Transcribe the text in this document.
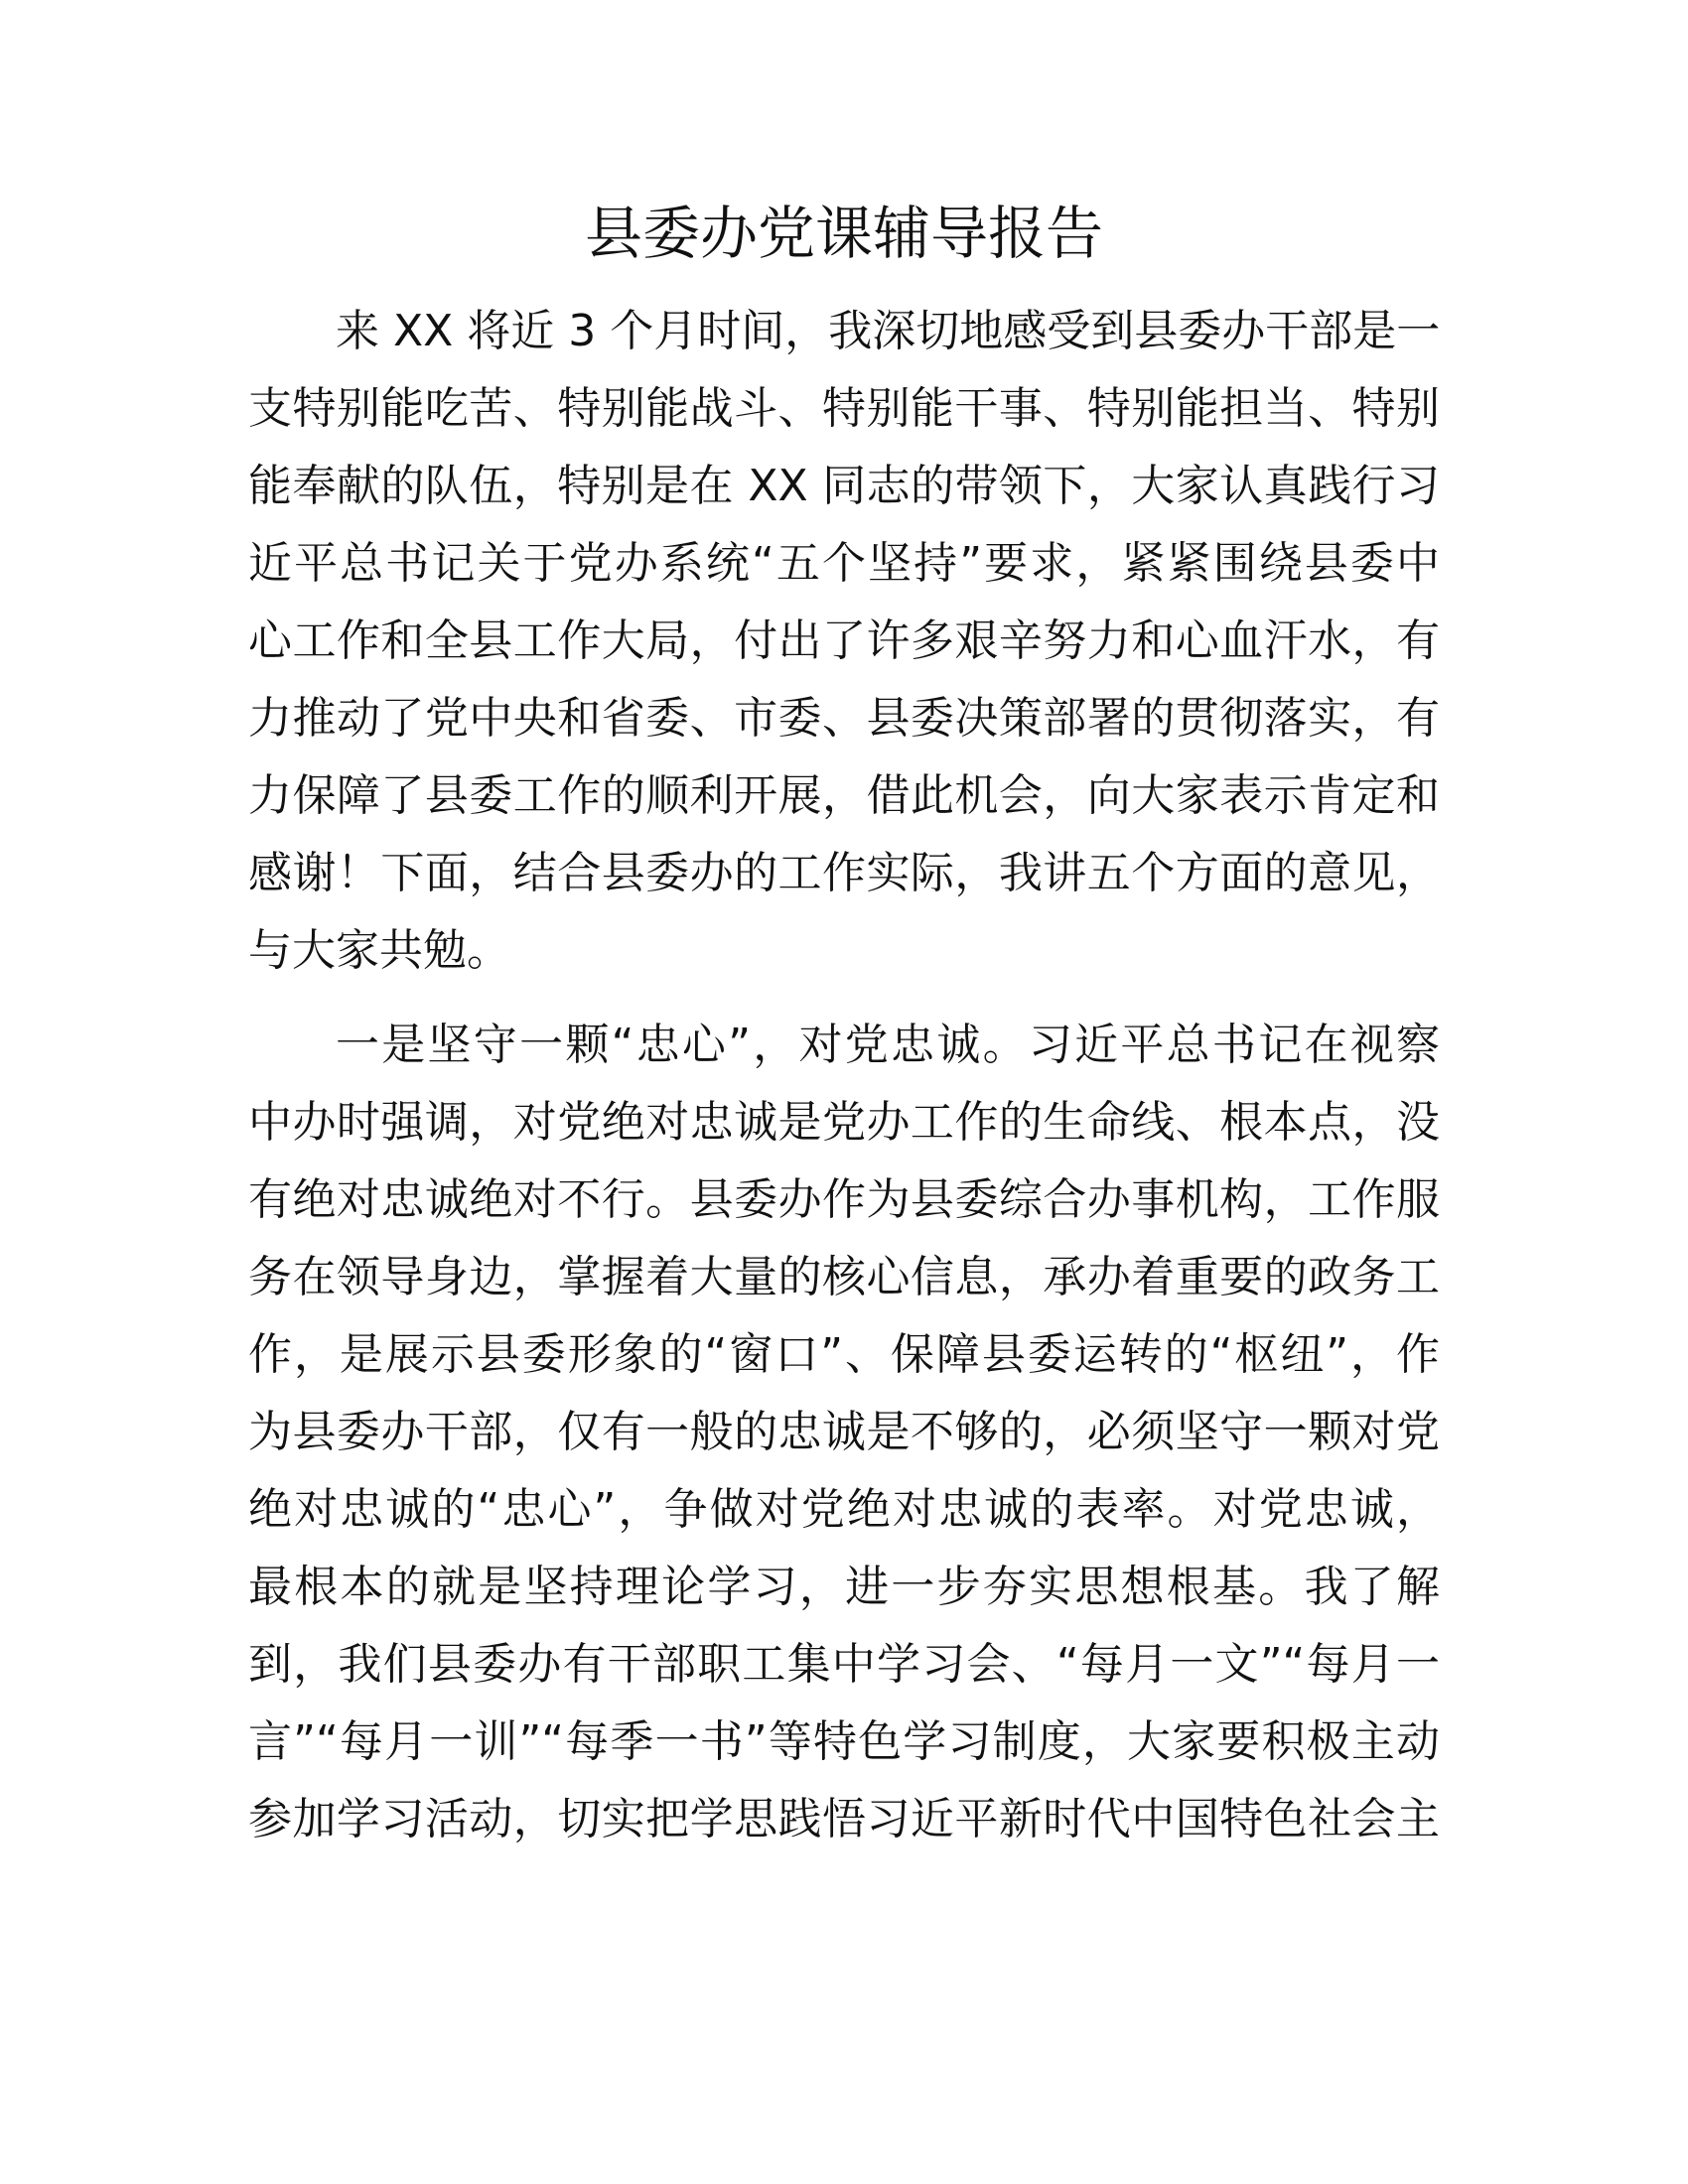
县委办党课辅导报告
来 XX 将近 3 个月时间，我深切地感受到县委办干部是一
支特别能吃苦、特别能战斗、特别能干事、特别能担当、特别
能奉献的队伍，特别是在 XX 同志的带领下，大家认真践行习
近平总书记关于党办系统“五个坚持”要求，紧紧围绕县委中
心工作和全县工作大局，付出了许多艰辛努力和心血汗水，有
力推动了党中央和省委、市委、县委决策部署的贯彻落实，有
力保障了县委工作的顺利开展，借此机会，向大家表示肯定和
感谢！下面，结合县委办的工作实际，我讲五个方面的意见，
与大家共勉。
一是坚守一颗“忠心”，对党忠诚。习近平总书记在视察
中办时强调，对党绝对忠诚是党办工作的生命线、根本点，没
有绝对忠诚绝对不行。县委办作为县委综合办事机构，工作服
务在领导身边，掌握着大量的核心信息，承办着重要的政务工
作，是展示县委形象的“窗口”、保障县委运转的“枢纽”，作
为县委办干部，仅有一般的忠诚是不够的，必须坚守一颗对党
绝对忠诚的“忠心”，争做对党绝对忠诚的表率。对党忠诚，
最根本的就是坚持理论学习，进一步夯实思想根基。我了解
到，我们县委办有干部职工集中学习会、“每月一文”“每月一
言”“每月一训”“每季一书”等特色学习制度，大家要积极主动
参加学习活动，切实把学思践悟习近平新时代中国特色社会主
